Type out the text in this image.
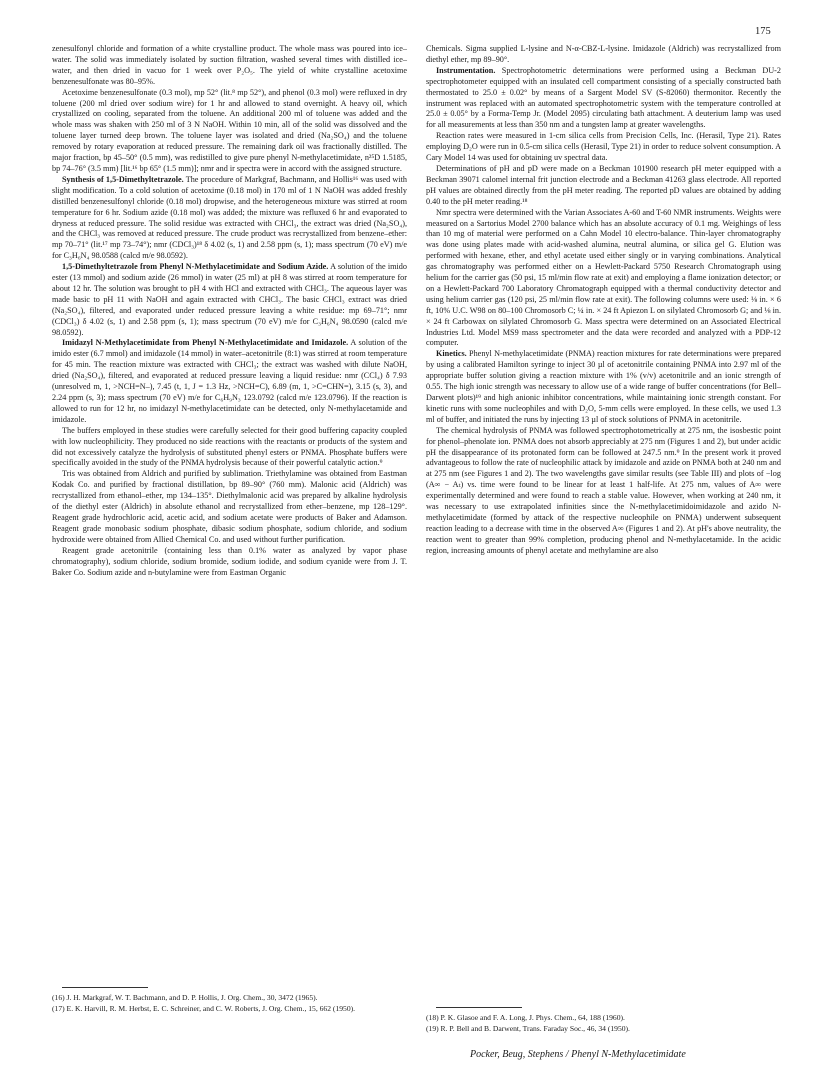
175

zenesulfonyl chloride and formation of a white crystalline product. The whole mass was poured into ice–water. The solid was immediately isolated by suction filtration, washed several times with distilled ice–water, and then dried in vacuo for 1 week over P₂O₅. The yield of white crystalline acetoxime benzenesulfonate was 80–95%.

Acetoxime benzenesulfonate (0.3 mol), mp 52° (lit.⁸ mp 52°), and phenol (0.3 mol) were refluxed in dry toluene (200 ml dried over sodium wire) for 1 hr and allowed to stand overnight. A heavy oil, which crystallized on cooling, separated from the toluene. An additional 200 ml of toluene was added and the whole mass was shaken with 250 ml of 3 N NaOH. Within 10 min, all of the solid was dissolved and the toluene layer turned deep brown. The toluene layer was isolated and dried (Na₂SO₄) and the toluene removed by rotary evaporation at reduced pressure. The remaining dark oil was fractionally distilled. The major fraction, bp 45–50° (0.5 mm), was redistilled to give pure phenyl N-methylacetimidate, n²⁵D 1.5185, bp 74–76° (3.5 mm) [lit.¹⁶ bp 65° (1.5 mm)]; nmr and ir spectra were in accord with the assigned structure.

Synthesis of 1,5-Dimethyltetrazole. The procedure of Markgraf, Bachmann, and Hollis¹⁶ was used with slight modification. To a cold solution of acetoxime (0.18 mol) in 170 ml of 1 N NaOH was added freshly distilled benzenesulfonyl chloride (0.18 mol) dropwise, and the heterogeneous mixture was stirred at room temperature for 6 hr. Sodium azide (0.18 mol) was added; the mixture was refluxed 6 hr and evaporated to dryness at reduced pressure. The solid residue was extracted with CHCl₃, the extract was dried (Na₂SO₄), and the CHCl₃ was removed at reduced pressure. The crude product was recrystallized from benzene–ether: mp 70–71° (lit.¹⁷ mp 73–74°); nmr (CDCl₃)¹⁸ δ 4.02 (s, 1) and 2.58 ppm (s, 1); mass spectrum (70 eV) m/e for C₃H₆N₄ 98.0588 (calcd m/e 98.0592).

1,5-Dimethyltetrazole from Phenyl N-Methylacetimidate and Sodium Azide. A solution of the imido ester (13 mmol) and sodium azide (26 mmol) in water (25 ml) at pH 8 was stirred at room temperature for about 12 hr. The solution was brought to pH 4 with HCl and extracted with CHCl₃. The aqueous layer was made basic to pH 11 with NaOH and again extracted with CHCl₃. The basic CHCl₃ extract was dried (Na₂SO₄), filtered, and evaporated under reduced pressure leaving a white residue: mp 69–71°; nmr (CDCl₃) δ 4.02 (s, 1) and 2.58 ppm (s, 1); mass spectrum (70 eV) m/e for C₃H₆N₄ 98.0590 (calcd m/e 98.0592).

Imidazyl N-Methylacetimidate from Phenyl N-Methylacetimidate and Imidazole. A solution of the imido ester (6.7 mmol) and imidazole (14 mmol) in water–acetonitrile (8:1) was stirred at room temperature for 45 min. The reaction mixture was extracted with CHCl₃; the extract was washed with dilute NaOH, dried (Na₂SO₄), filtered, and evaporated at reduced pressure leaving a liquid residue: nmr (CCl₄) δ 7.93 (unresolved m, 1, >NCH=N–), 7.45 (t, 1, J = 1.3 Hz, >NCH=C), 6.89 (m, 1, >C=CHN=), 3.15 (s, 3), and 2.24 ppm (s, 3); mass spectrum (70 eV) m/e for C₆H₉N₃ 123.0792 (calcd m/e 123.0796). If the reaction is allowed to run for 12 hr, no imidazyl N-methylacetimidate can be detected, only N-methylacetamide and imidazole.

The buffers employed in these studies were carefully selected for their good buffering capacity coupled with low nucleophilicity. They produced no side reactions with the reactants or products of the system and did not excessively catalyze the hydrolysis of substituted phenyl esters or PNMA. Phosphate buffers were specifically avoided in the study of the PNMA hydrolysis because of their powerful catalytic action.⁹

Tris was obtained from Aldrich and purified by sublimation. Triethylamine was obtained from Eastman Kodak Co. and purified by fractional distillation, bp 89–90° (760 mm). Malonic acid (Aldrich) was recrystallized from ethanol–ether, mp 134–135°. Diethylmalonic acid was prepared by alkaline hydrolysis of the diethyl ester (Aldrich) in absolute ethanol and recrystallized from ether–benzene, mp 128–129°. Reagent grade hydrochloric acid, acetic acid, and sodium acetate were products of Baker and Adamson. Reagent grade monobasic sodium phosphate, dibasic sodium phosphate, sodium chloride, and sodium hydroxide were obtained from Allied Chemical Co. and used without further purification.

Reagent grade acetonitrile (containing less than 0.1% water as analyzed by vapor phase chromatography), sodium chloride, sodium bromide, sodium iodide, and sodium cyanide were from J. T. Baker Co. Sodium azide and n-butylamine were from Eastman Organic

Chemicals. Sigma supplied L-lysine and N-α-CBZ-L-lysine. Imidazole (Aldrich) was recrystallized from diethyl ether, mp 89–90°.

Instrumentation. Spectrophotometric determinations were performed using a Beckman DU-2 spectrophotometer equipped with an insulated cell compartment consisting of a specially constructed bath thermostated to 25.0 ± 0.02° by means of a Sargent Model SV (S-82060) thermonitor. Recently the instrument was replaced with an automated spectrophotometric system with the temperature controlled at 25.0 ± 0.05° by a Forma-Temp Jr. (Model 2095) circulating bath attachment. A deuterium lamp was used for all measurements at less than 350 nm and a tungsten lamp at greater wavelengths.

Reaction rates were measured in 1-cm silica cells from Precision Cells, Inc. (Herasil, Type 21). Rates employing D₂O were run in 0.5-cm silica cells (Herasil, Type 21) in order to reduce solvent consumption. A Cary Model 14 was used for obtaining uv spectral data.

Determinations of pH and pD were made on a Beckman 101900 research pH meter equipped with a Beckman 39071 calomel internal frit junction electrode and a Beckman 41263 glass electrode. All reported pH values are obtained directly from the pH meter reading. The reported pD values are obtained by adding 0.40 to the pH meter reading.¹⁸

Nmr spectra were determined with the Varian Associates A-60 and T-60 NMR instruments. Weights were measured on a Sartorius Model 2700 balance which has an absolute accuracy of 0.1 mg. Weighings of less than 10 mg of material were performed on a Cahn Model 10 electro-balance. Thin-layer chromatography was done using plates made with acid-washed alumina, neutral alumina, or silica gel G. Elution was performed with hexane, ether, and ethyl acetate used either singly or in varying combinations. Analytical gas chromatography was performed either on a Hewlett-Packard 5750 Research Chromatograph using helium for the carrier gas (50 psi, 15 ml/min flow rate at exit) and employing a flame ionization detector; or on a Hewlett-Packard 700 Laboratory Chromatograph equipped with a thermal conductivity detector and using helium carrier gas (120 psi, 25 ml/min flow rate at exit). The following columns were used: ⅛ in. × 6 ft, 10% U.C. W98 on 80–100 Chromosorb C; ¼ in. × 24 ft Apiezon L on silylated Chromosorb G; and ⅛ in. × 24 ft Carbowax on silylated Chromosorb G. Mass spectra were determined on an Associated Electrical Industries Ltd. Model MS9 mass spectrometer and the data were recorded and analyzed with a PDP-12 computer.

Kinetics. Phenyl N-methylacetimidate (PNMA) reaction mixtures for rate determinations were prepared by using a calibrated Hamilton syringe to inject 30 µl of acetonitrile containing PNMA into 2.97 ml of the appropriate buffer solution giving a reaction mixture with 1% (v/v) acetonitrile and an ionic strength of 0.55. The high ionic strength was necessary to allow use of a wide range of buffer concentrations (for Bell–Darwent plots)¹⁹ and high anionic inhibitor concentrations, while maintaining ionic strength constant. For kinetic runs with some nucleophiles and with D₂O, 5-mm cells were employed. In these cells, we used 1.3 ml of buffer, and initiated the runs by injecting 13 µl of stock solutions of PNMA in acetonitrile.

The chemical hydrolysis of PNMA was followed spectrophotometrically at 275 nm, the isosbestic point for phenol–phenolate ion. PNMA does not absorb appreciably at 275 nm (Figures 1 and 2), but under acidic pH the disappearance of its protonated form can be followed at 247.5 nm.⁹ In the present work it proved advantageous to follow the rate of nucleophilic attack by imidazole and azide on PNMA both at 240 nm and at 275 nm (see Figures 1 and 2). The two wavelengths gave similar results (see Table III) and plots of −log (A∞ − Aₜ) vs. time were found to be linear for at least 1 half-life. At 275 nm, values of A∞ were experimentally determined and were found to reach a stable value. However, when working at 240 nm, it was necessary to use extrapolated infinities since the N-methylacetimidoimidazole and azido N-methylacetimidate (formed by attack of the respective nucleophile on PNMA) underwent subsequent reaction leading to a decrease with time in the observed A∞ (Figures 1 and 2). At pH's above neutrality, the reaction went to greater than 99% completion, producing phenol and N-methylacetamide. In the acidic region, increasing amounts of phenyl acetate and methylamine are also

(16) J. H. Markgraf, W. T. Bachmann, and D. P. Hollis, J. Org. Chem., 30, 3472 (1965).

(17) E. K. Harvill, R. M. Herbst, E. C. Schreiner, and C. W. Roberts, J. Org. Chem., 15, 662 (1950).

(18) P. K. Glasoe and F. A. Long, J. Phys. Chem., 64, 188 (1960).

(19) R. P. Bell and B. Darwent, Trans. Faraday Soc., 46, 34 (1950).

Pocker, Beug, Stephens / Phenyl N-Methylacetimidate
